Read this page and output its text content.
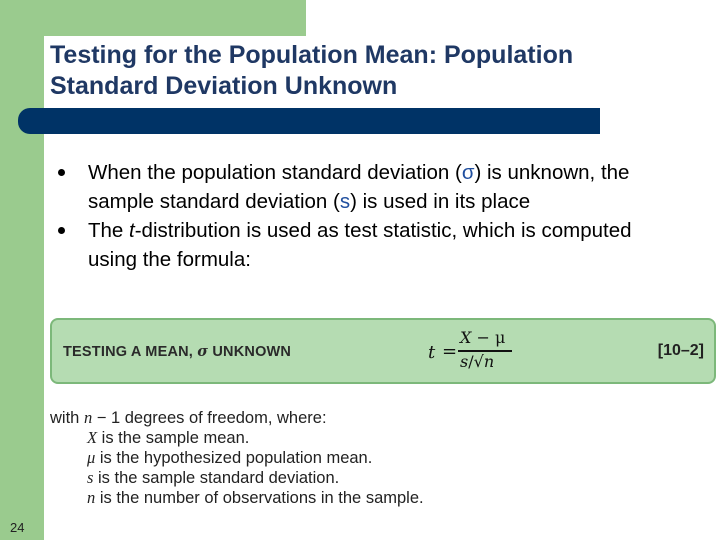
Testing for the Population Mean: Population
Standard Deviation Unknown
When the population standard deviation (σ) is unknown, the sample standard deviation (s) is used in its place
The t-distribution is used as test statistic, which is computed using the formula:
TESTING A MEAN, σ UNKNOWN	t =
X − μ
s/√n
[10–2]
with n − 1 degrees of freedom, where:
X is the sample mean.
μ is the hypothesized population mean.
s is the sample standard deviation.
n is the number of observations in the sample.
24
